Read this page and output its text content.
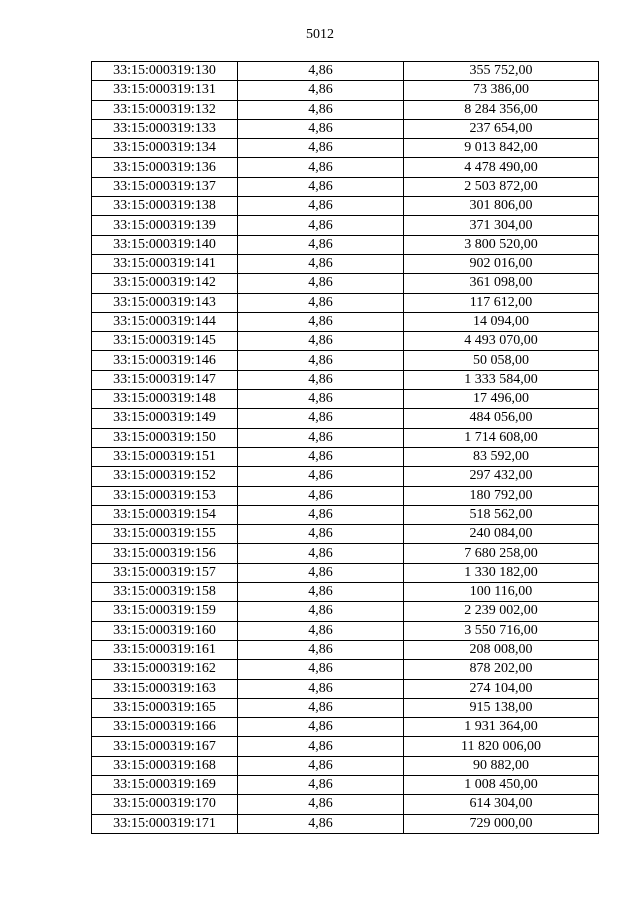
5012
33:15:000319:130	4,86	355 752,00
33:15:000319:131	4,86	73 386,00
33:15:000319:132	4,86	8 284 356,00
33:15:000319:133	4,86	237 654,00
33:15:000319:134	4,86	9 013 842,00
33:15:000319:136	4,86	4 478 490,00
33:15:000319:137	4,86	2 503 872,00
33:15:000319:138	4,86	301 806,00
33:15:000319:139	4,86	371 304,00
33:15:000319:140	4,86	3 800 520,00
33:15:000319:141	4,86	902 016,00
33:15:000319:142	4,86	361 098,00
33:15:000319:143	4,86	117 612,00
33:15:000319:144	4,86	14 094,00
33:15:000319:145	4,86	4 493 070,00
33:15:000319:146	4,86	50 058,00
33:15:000319:147	4,86	1 333 584,00
33:15:000319:148	4,86	17 496,00
33:15:000319:149	4,86	484 056,00
33:15:000319:150	4,86	1 714 608,00
33:15:000319:151	4,86	83 592,00
33:15:000319:152	4,86	297 432,00
33:15:000319:153	4,86	180 792,00
33:15:000319:154	4,86	518 562,00
33:15:000319:155	4,86	240 084,00
33:15:000319:156	4,86	7 680 258,00
33:15:000319:157	4,86	1 330 182,00
33:15:000319:158	4,86	100 116,00
33:15:000319:159	4,86	2 239 002,00
33:15:000319:160	4,86	3 550 716,00
33:15:000319:161	4,86	208 008,00
33:15:000319:162	4,86	878 202,00
33:15:000319:163	4,86	274 104,00
33:15:000319:165	4,86	915 138,00
33:15:000319:166	4,86	1 931 364,00
33:15:000319:167	4,86	11 820 006,00
33:15:000319:168	4,86	90 882,00
33:15:000319:169	4,86	1 008 450,00
33:15:000319:170	4,86	614 304,00
33:15:000319:171	4,86	729 000,00
